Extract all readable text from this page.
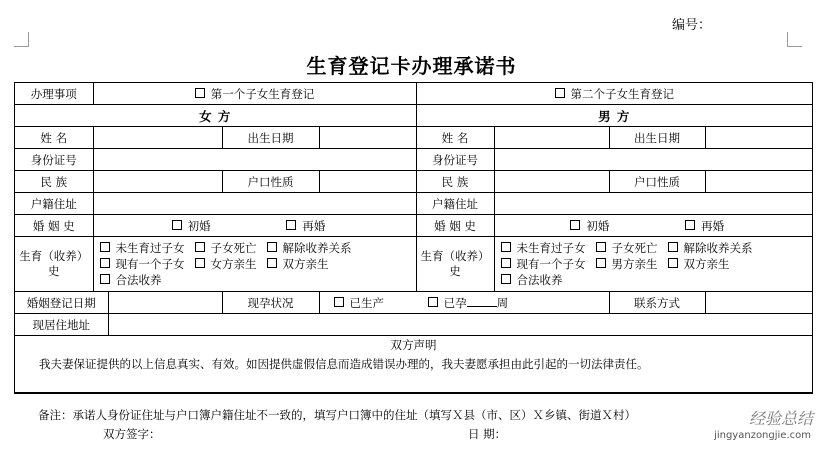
编号：
生育登记卡办理承诺书
办理事项	第一个子女生育登记				第二个子女生育登记			
女 方					男 方			
姓 名			出生日期		姓 名		出生日期	
身份证号					身份证号			
民 族			户口性质		民 族		户口性质	
户籍住址					户籍住址			
婚 姻 史	初婚 再婚				婚 姻 史	初婚 再婚		
生育（收养）史	未生育过子女 子女死亡 解除收养关系
现有一个子女 女方亲生 双方亲生
合法收养				生育（收养）史	未生育过子女 子女死亡 解除收养关系
现有一个子女 男方亲生 双方亲生
合法收养		
婚姻登记日期			现孕状况	已生产 已孕 周			联系方式	
现居住地址								

双方声明
我夫妻保证提供的以上信息真实、有效。如因提供虚假信息而造成错误办理的，我夫妻愿承担由此引起的一切法律责任。								
备注：承诺人身份证住址与户口簿户籍住址不一致的，填写户口簿中的住址（填写Ｘ县（市、区）Ｘ乡镇、街道Ｘ村）
双方签字：	日 期：
经验总结
jingyanzongjie.com
